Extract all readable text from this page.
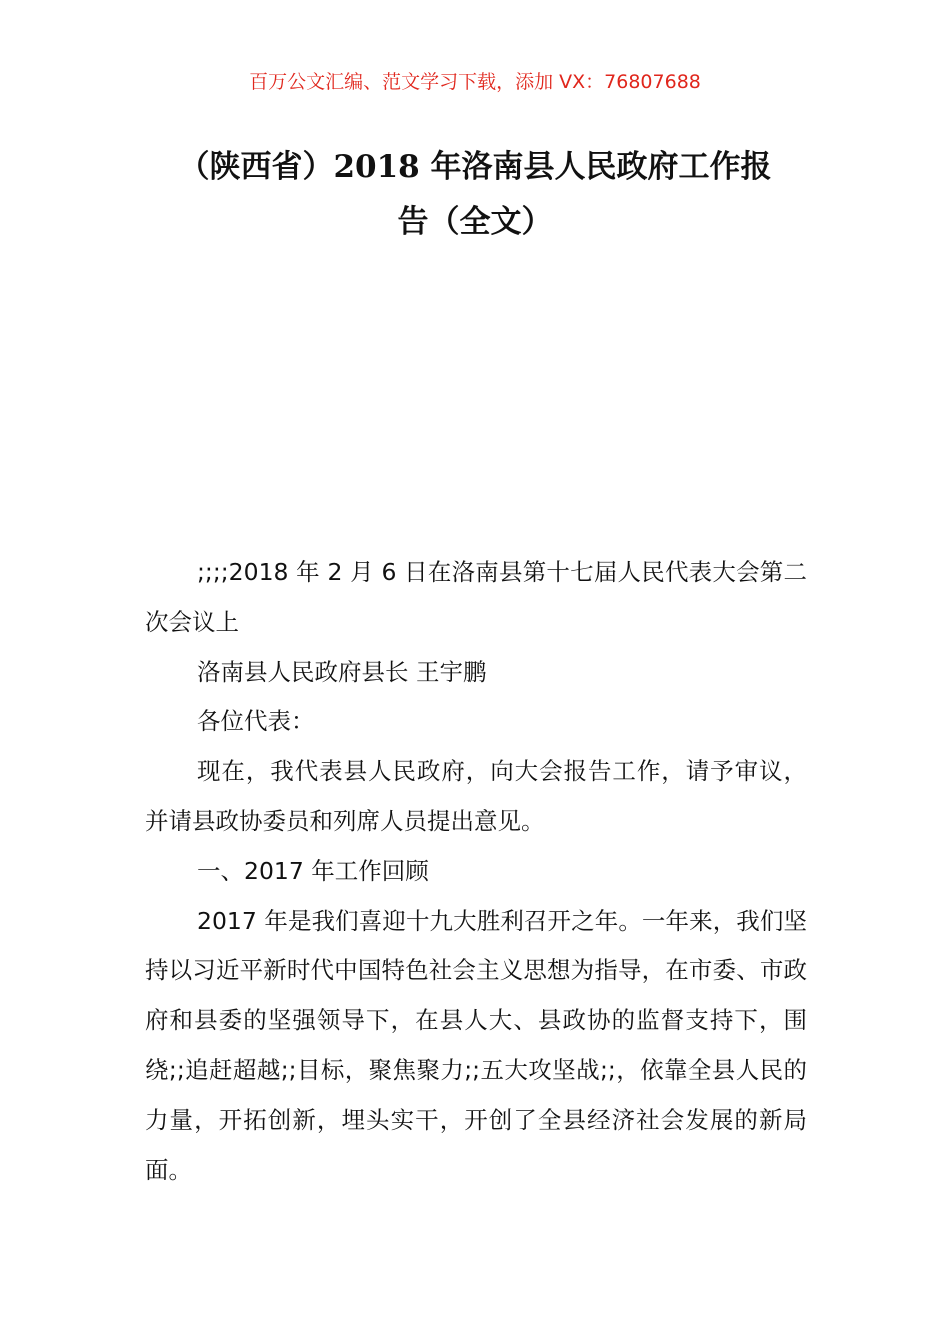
百万公文汇编、范文学习下载，添加 VX：76807688
（陕西省）2018 年洛南县人民政府工作报
告（全文）

;;;;2018 年 2 月 6 日在洛南县第十七届人民代表大会第二次会议上

洛南县人民政府县长 王宇鹏

各位代表：

现在，我代表县人民政府，向大会报告工作，请予审议，并请县政协委员和列席人员提出意见。

一、2017 年工作回顾

2017 年是我们喜迎十九大胜利召开之年。一年来，我们坚持以习近平新时代中国特色社会主义思想为指导，在市委、市政府和县委的坚强领导下，在县人大、县政协的监督支持下，围绕;;追赶超越;;目标，聚焦聚力;;五大攻坚战;;，依靠全县人民的力量，开拓创新，埋头实干，开创了全县经济社会发展的新局面。
